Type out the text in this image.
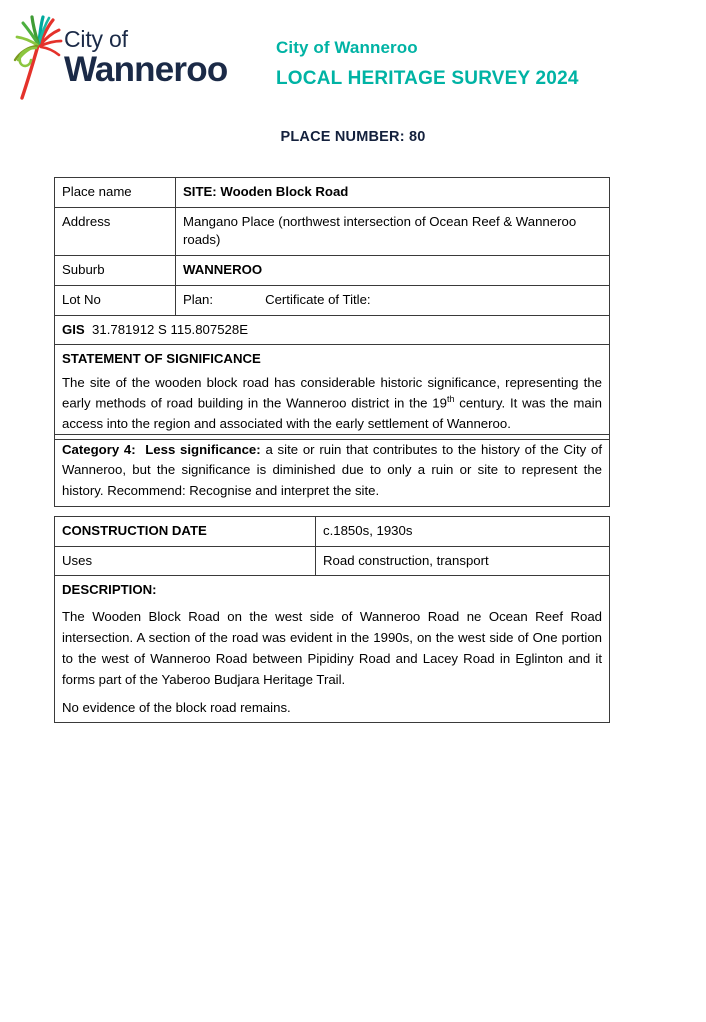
City of
Wanneroo
City of Wanneroo
LOCAL HERITAGE SURVEY 2024
PLACE NUMBER: 80
Place name	SITE: Wooden Block Road
Address	Mangano Place (northwest intersection of Ocean Reef & Wanneroo roads)
Suburb	WANNEROO
Lot No	Plan: Certificate of Title:
GIS 31.781912 S 115.807528E	

STATEMENT OF SIGNIFICANCE

The site of the wooden block road has considerable historic significance, representing the early methods of road building in the Wanneroo district in the 19th century. It was the main access into the region and associated with the early settlement of Wanneroo.	

Category 4: Less significance: a site or ruin that contributes to the history of the City of Wanneroo, but the significance is diminished due to only a ruin or site to represent the history. Recommend: Recognise and interpret the site.

CONSTRUCTION DATE	c.1850s, 1930s
Uses	Road construction, transport

DESCRIPTION:

The Wooden Block Road on the west side of Wanneroo Road ne Ocean Reef Road intersection. A section of the road was evident in the 1990s, on the west side of One portion to the west of Wanneroo Road between Pipidiny Road and Lacey Road in Eglinton and it forms part of the Yaberoo Budjara Heritage Trail.

No evidence of the block road remains.	
